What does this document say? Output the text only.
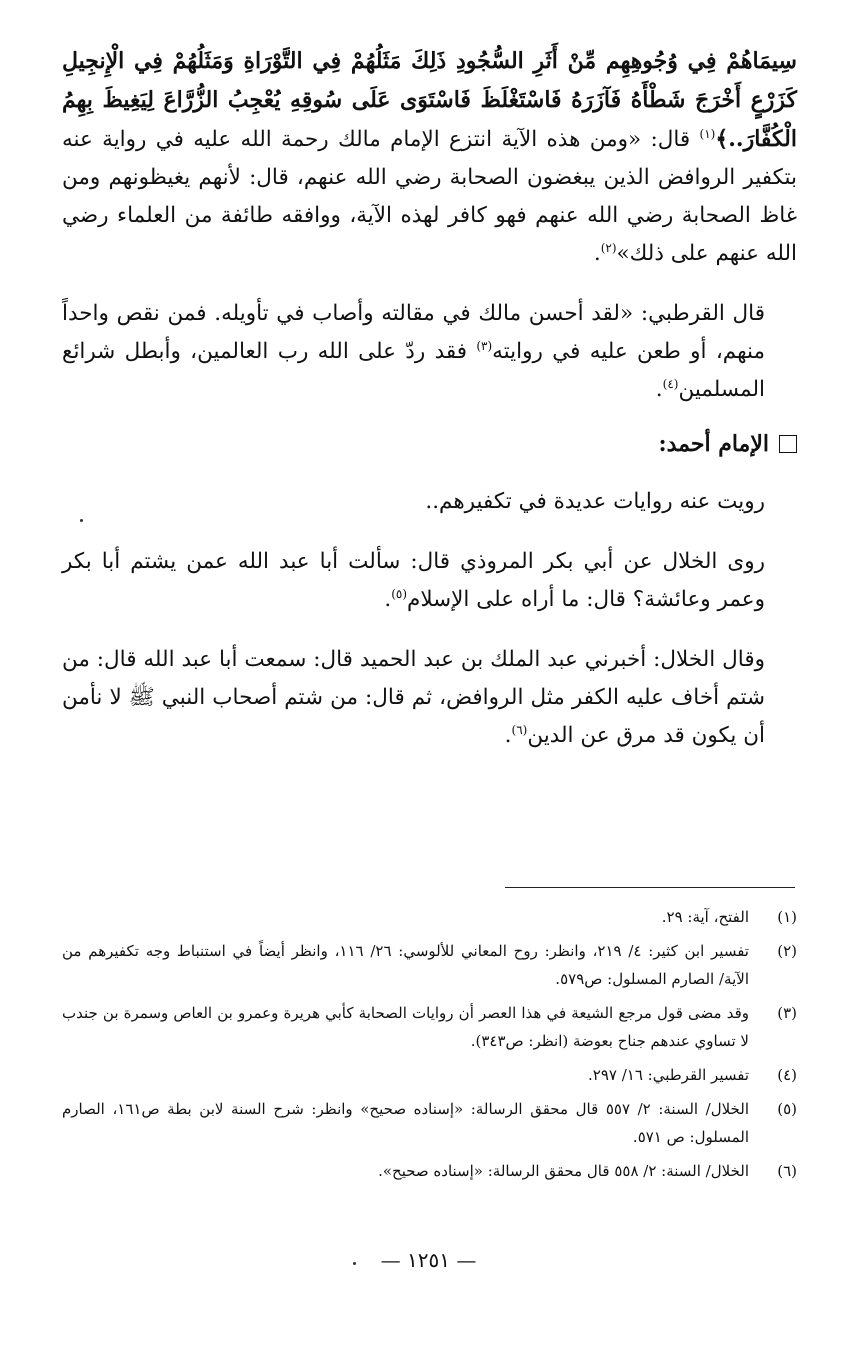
سِيمَاهُمْ فِي وُجُوهِهِم مِّنْ أَثَرِ السُّجُودِ ذَلِكَ مَثَلُهُمْ فِي التَّوْرَاةِ وَمَثَلُهُمْ فِي الْإِنجِيلِ كَزَرْعٍ أَخْرَجَ شَطْأَهُ فَآزَرَهُ فَاسْتَغْلَظَ فَاسْتَوَى عَلَى سُوقِهِ يُعْجِبُ الزُّرَّاعَ لِيَغِيظَ بِهِمُ الْكُفَّارَ..﴾$^{(١)}$ قال: «ومن هذه الآية انتزع الإمام مالك رحمة الله عليه في رواية عنه بتكفير الروافض الذين يبغضون الصحابة رضي الله عنهم، قال: لأنهم يغيظونهم ومن غاظ الصحابة رضي الله عنهم فهو كافر لهذه الآية، ووافقه طائفة من العلماء رضي الله عنهم على ذلك»$^{(٢)}$.

قال القرطبي: «لقد أحسن مالك في مقالته وأصاب في تأويله. فمن نقص واحداً منهم، أو طعن عليه في روايته$^{(٣)}$ فقد ردّ على الله رب العالمين، وأبطل شرائع المسلمين$^{(٤)}$.

الإمام أحمد:

رويت عنه روايات عديدة في تكفيرهم..

روى الخلال عن أبي بكر المروذي قال: سألت أبا عبد الله عمن يشتم أبا بكر وعمر وعائشة؟ قال: ما أراه على الإسلام$^{(٥)}$.

وقال الخلال: أخبرني عبد الملك بن عبد الحميد قال: سمعت أبا عبد الله قال: من شتم أخاف عليه الكفر مثل الروافض، ثم قال: من شتم أصحاب النبي ﷺ لا نأمن أن يكون قد مرق عن الدين$^{(٦)}$.

(١)
الفتح، آية: ٢٩.
(٢)
تفسير ابن كثير: ٤/ ٢١٩، وانظر: روح المعاني للألوسي: ٢٦/ ١١٦، وانظر أيضاً في استنباط وجه تكفيرهم من الآية/ الصارم المسلول: ص٥٧٩.
(٣)
وقد مضى قول مرجع الشيعة في هذا العصر أن روايات الصحابة كأبي هريرة وعمرو بن العاص وسمرة بن جندب لا تساوي عندهم جناح بعوضة (انظر: ص٣٤٣).
(٤)
تفسير القرطبي: ١٦/ ٢٩٧.
(٥)
الخلال/ السنة: ٢/ ٥٥٧ قال محقق الرسالة: «إسناده صحيح» وانظر: شرح السنة لابن بطة ص١٦١، الصارم المسلول: ص ٥٧١.
(٦)
الخلال/ السنة: ٢/ ٥٥٨ قال محقق الرسالة: «إسناده صحيح».
— ١٢٥١ —
